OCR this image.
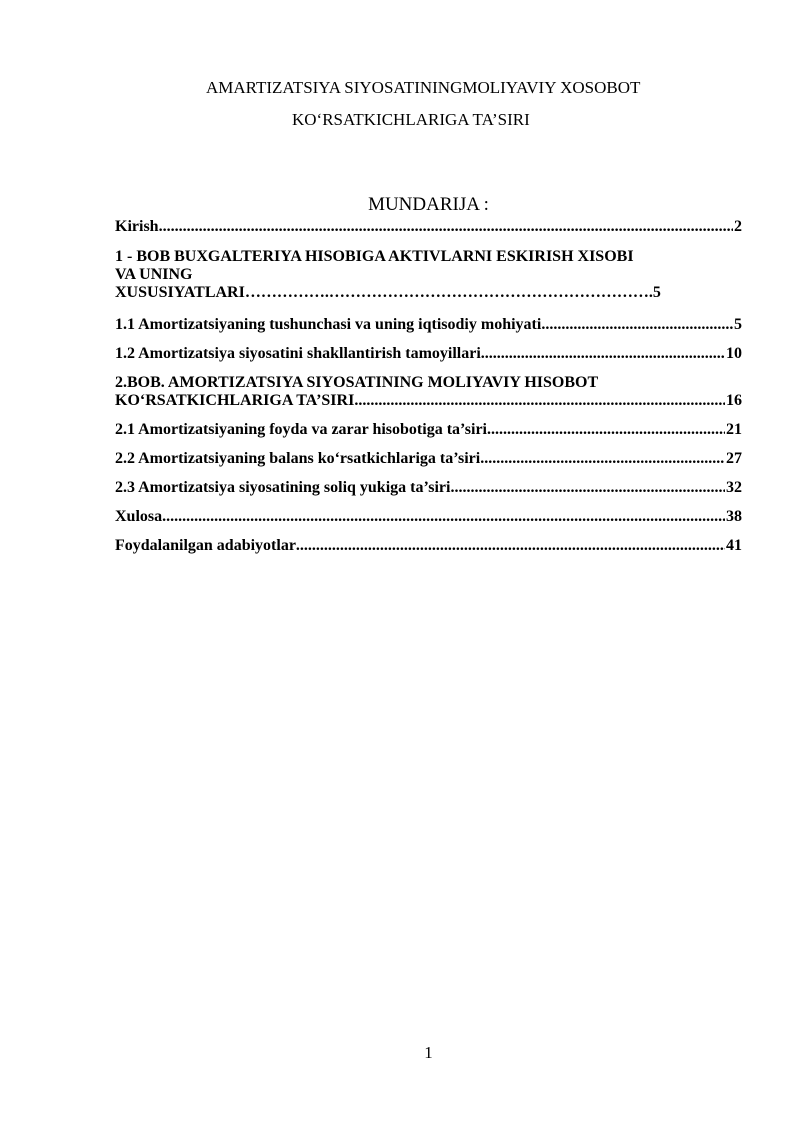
AMARTIZATSIYA SIYOSATININGMOLIYAVIY XOSOBOT
KO‘RSATKICHLARIGA TA’SIRI
MUNDARIJA :
Kirish .....	2
1 - BOB BUXGALTERIYA HISOBIGA AKTIVLARNI ESKIRISH XISOBI
VA UNING
XUSUSIYATLARI…………….…………………………………………………….5
1.1 Amortizatsiyaning tushunchasi va uning iqtisodiy mohiyati .....	5
1.2 Amortizatsiya siyosatini shakllantirish tamoyillari .....	10
2.BOB. AMORTIZATSIYA SIYOSATINING MOLIYAVIY HISOBOT
KO‘RSATKICHLARIGA TA’SIRI .....	16
2.1 Amortizatsiyaning foyda va zarar hisobotiga ta’siri .....	21
2.2 Amortizatsiyaning balans ko‘rsatkichlariga ta’siri .....	27
2.3 Amortizatsiya siyosatining soliq yukiga ta’siri .....	32
Xulosa .....	38
Foydalanilgan adabiyotlar .....	41
1
